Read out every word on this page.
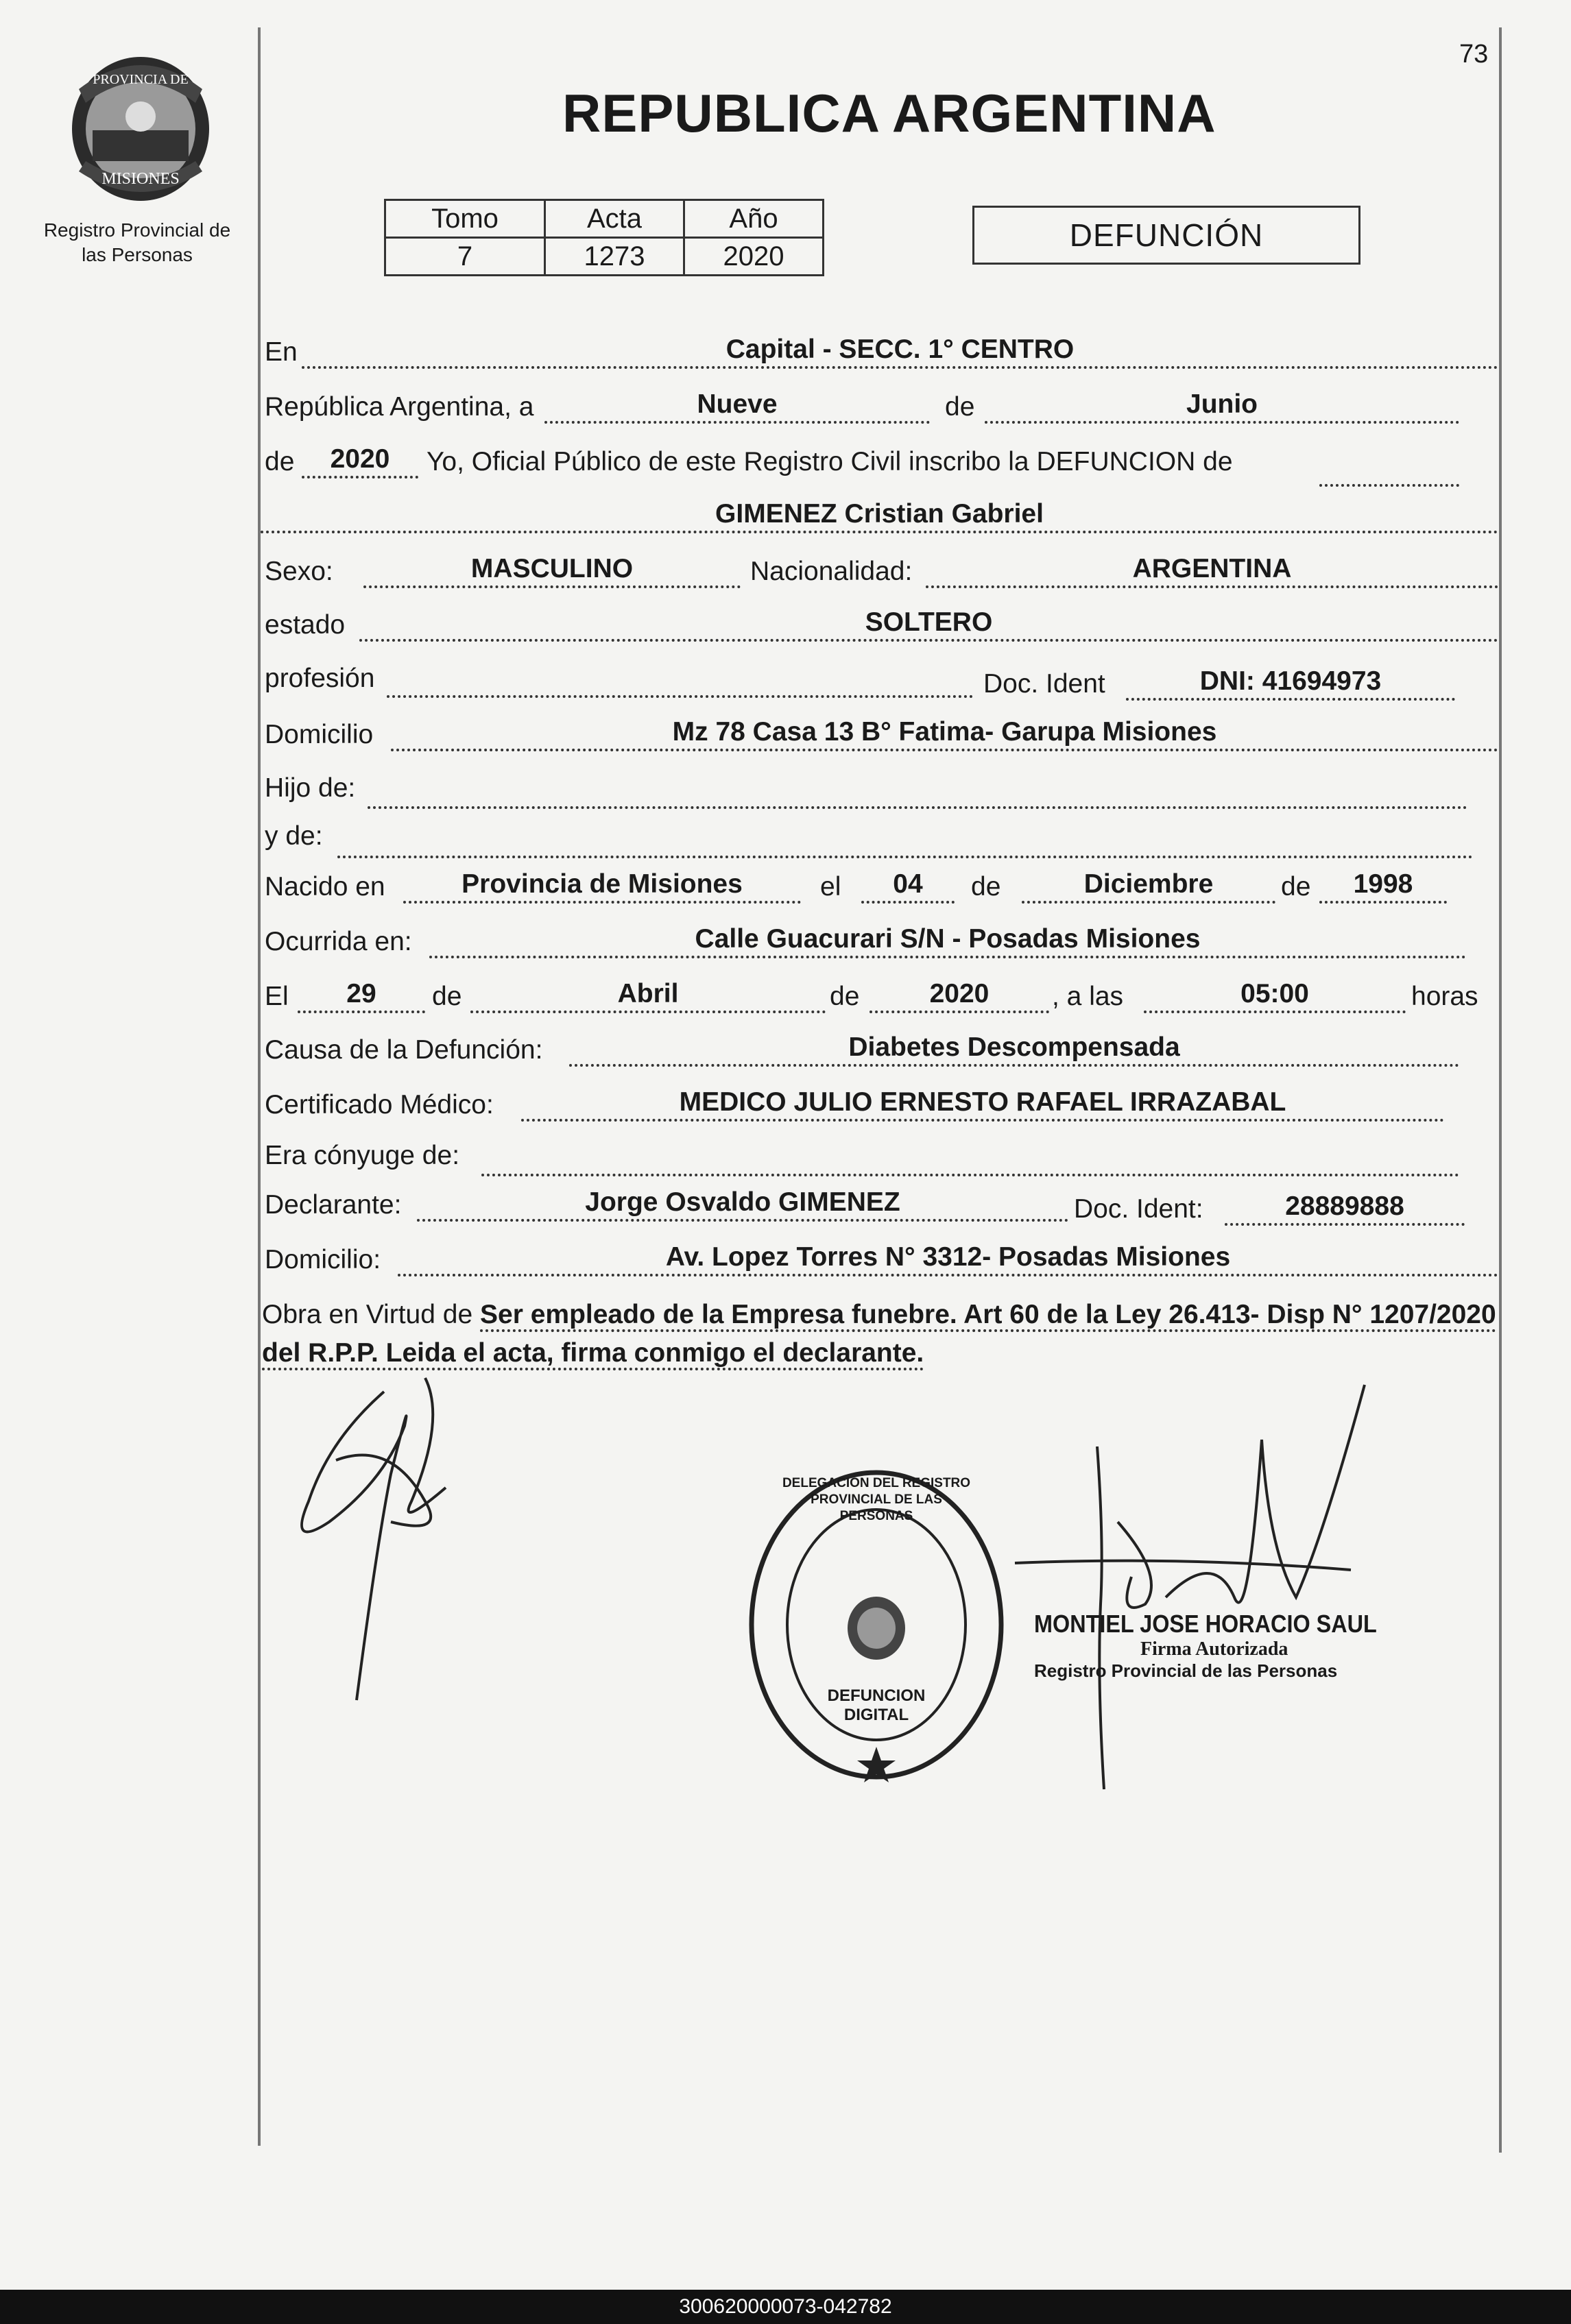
73
PROVINCIA DE
MISIONES
Registro Provincial de
las Personas
REPUBLICA ARGENTINA
Tomo	Acta	Año
7	1273	2020
DEFUNCIÓN
En	Capital - SECC. 1° CENTRO
República Argentina, a	Nueve	de	Junio
de	2020	Yo, Oficial Público de este Registro Civil inscribo la DEFUNCION de
GIMENEZ Cristian Gabriel
Sexo:	MASCULINO	Nacionalidad:	ARGENTINA
estado	SOLTERO
profesión	Doc. Ident	DNI: 41694973
Domicilio	Mz 78 Casa 13 B° Fatima- Garupa Misiones
Hijo de:
y de:
Nacido en	Provincia de Misiones	el	04	de	Diciembre	de	1998
Ocurrida en:	Calle Guacurari S/N - Posadas Misiones
El	29	de	Abril	de	2020	, a las	05:00	horas
Causa de la Defunción:	Diabetes Descompensada
Certificado Médico:	MEDICO JULIO ERNESTO RAFAEL IRRAZABAL
Era cónyuge de:
Declarante:	Jorge Osvaldo GIMENEZ	Doc. Ident:	28889888
Domicilio:	Av. Lopez Torres N° 3312- Posadas Misiones
Obra en Virtud de Ser empleado de la Empresa funebre. Art 60 de la Ley 26.413- Disp N° 1207/2020 del R.P.P. Leida el acta, firma conmigo el declarante.
DELEGACION DEL REGISTRO PROVINCIAL DE LAS PERSONAS
DEFUNCION DIGITAL
MONTIEL JOSE HORACIO SAUL
Firma Autorizada
Registro Provincial de las Personas
300620000073-042782
